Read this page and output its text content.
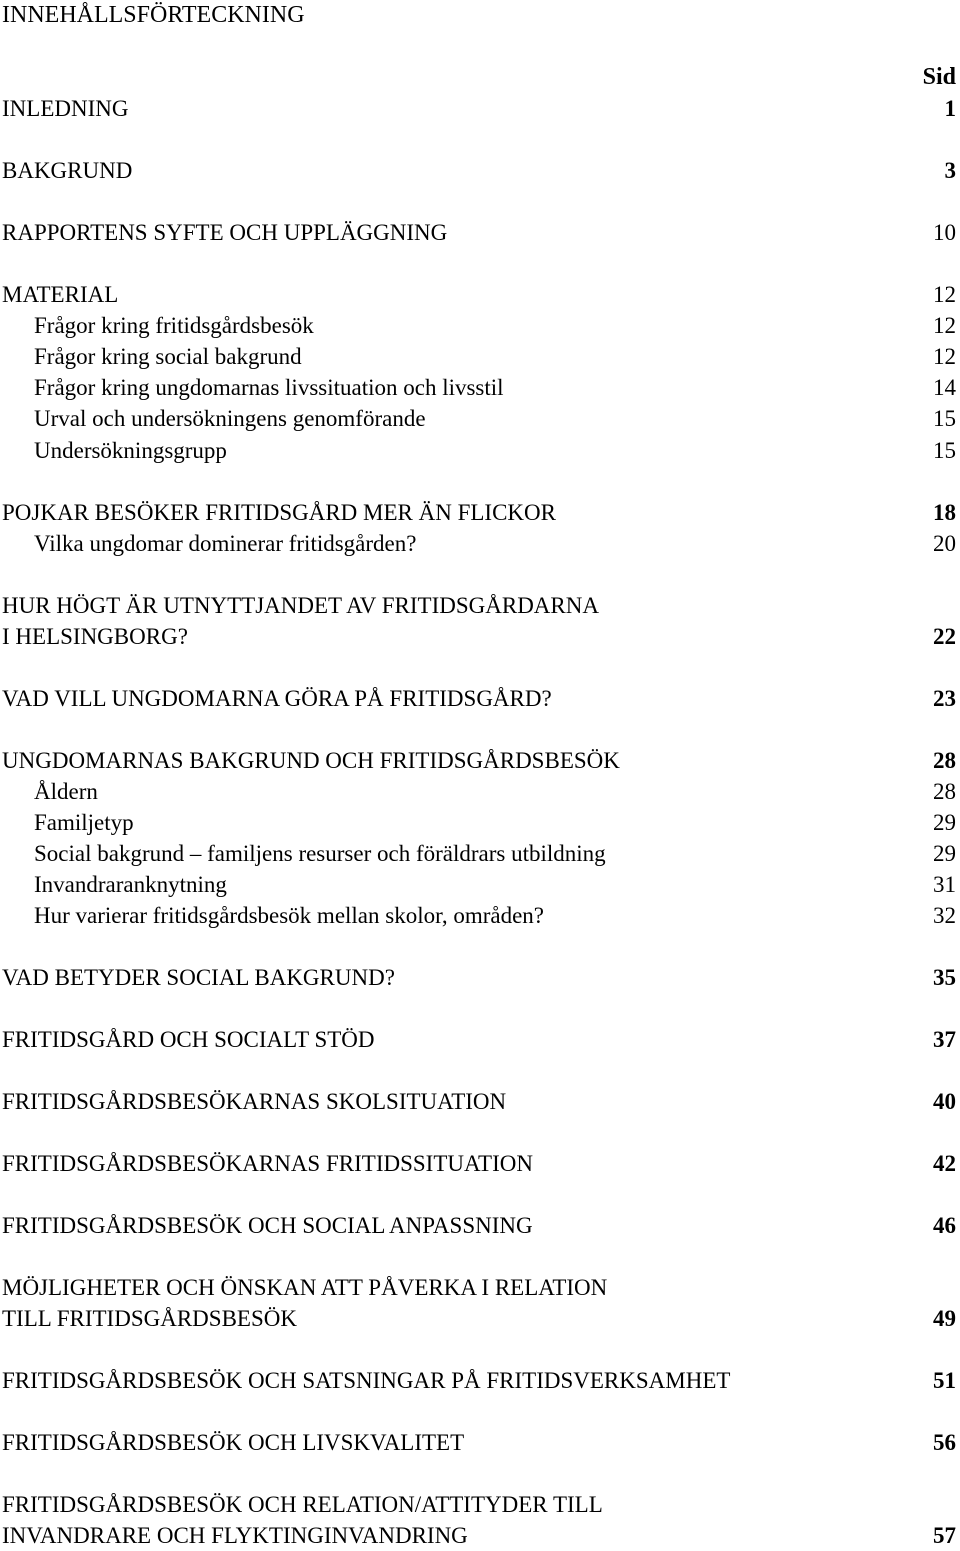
INNEHÅLLSFÖRTECKNING
Sid
INLEDNING	1
BAKGRUND	3
RAPPORTENS SYFTE OCH UPPLÄGGNING	10
MATERIAL	12
Frågor kring fritidsgårdsbesök	12
Frågor kring social bakgrund	12
Frågor kring ungdomarnas livssituation och livsstil	14
Urval och undersökningens genomförande	15
Undersökningsgrupp	15
POJKAR BESÖKER FRITIDSGÅRD MER ÄN FLICKOR	18
Vilka ungdomar dominerar fritidsgården?	20
HUR HÖGT ÄR UTNYTTJANDET AV FRITIDSGÅRDARNA
I HELSINGBORG?	22
VAD VILL UNGDOMARNA GÖRA PÅ FRITIDSGÅRD?	23
UNGDOMARNAS BAKGRUND OCH FRITIDSGÅRDSBESÖK	28
Åldern	28
Familjetyp	29
Social bakgrund – familjens resurser och föräldrars utbildning	29
Invandraranknytning	31
Hur varierar fritidsgårdsbesök mellan skolor, områden?	32
VAD BETYDER SOCIAL BAKGRUND?	35
FRITIDSGÅRD OCH SOCIALT STÖD	37
FRITIDSGÅRDSBESÖKARNAS SKOLSITUATION	40
FRITIDSGÅRDSBESÖKARNAS FRITIDSSITUATION	42
FRITIDSGÅRDSBESÖK OCH SOCIAL ANPASSNING	46
MÖJLIGHETER OCH ÖNSKAN ATT PÅVERKA I RELATION
TILL FRITIDSGÅRDSBESÖK	49
FRITIDSGÅRDSBESÖK OCH SATSNINGAR PÅ FRITIDSVERKSAMHET	51
FRITIDSGÅRDSBESÖK OCH LIVSKVALITET	56
FRITIDSGÅRDSBESÖK OCH RELATION/ATTITYDER TILL
INVANDRARE OCH FLYKTINGINVANDRING	57
